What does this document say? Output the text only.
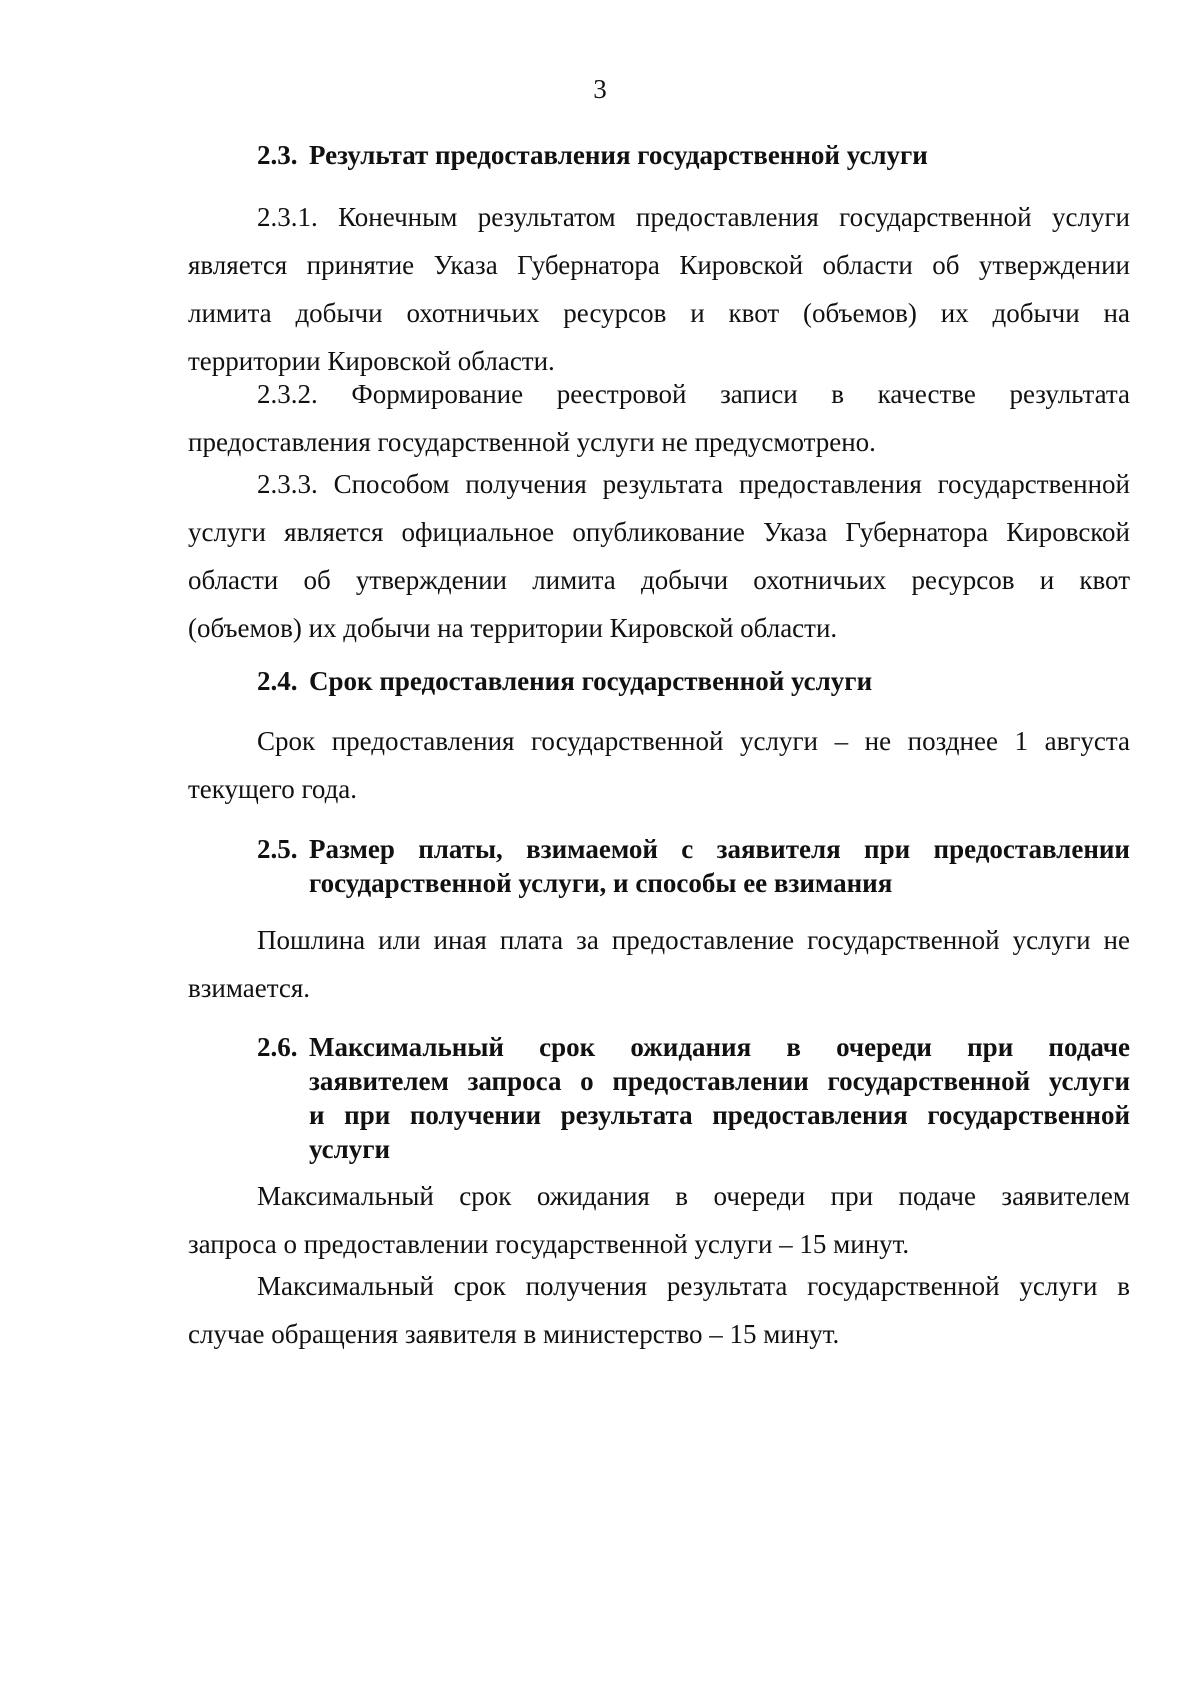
3
2.3. Результат предоставления государственной услуги
2.3.1. Конечным результатом предоставления государственной услуги
является принятие Указа Губернатора Кировской области об утверждении
лимита добычи охотничьих ресурсов и квот (объемов) их добычи на
территории Кировской области.
2.3.2. Формирование реестровой записи в качестве результата
предоставления государственной услуги не предусмотрено.
2.3.3. Способом получения результата предоставления государственной
услуги является официальное опубликование Указа Губернатора Кировской
области об утверждении лимита добычи охотничьих ресурсов и квот
(объемов) их добычи на территории Кировской области.
2.4. Срок предоставления государственной услуги
Срок предоставления государственной услуги – не позднее 1 августа
текущего года.
2.5. Размер платы, взимаемой с заявителя при предоставлении
государственной услуги, и способы ее взимания
Пошлина или иная плата за предоставление государственной услуги не
взимается.
2.6. Максимальный срок ожидания в очереди при подаче
заявителем запроса о предоставлении государственной услуги
и при получении результата предоставления государственной
услуги
Максимальный срок ожидания в очереди при подаче заявителем
запроса о предоставлении государственной услуги – 15 минут.
Максимальный срок получения результата государственной услуги в
случае обращения заявителя в министерство – 15 минут.
